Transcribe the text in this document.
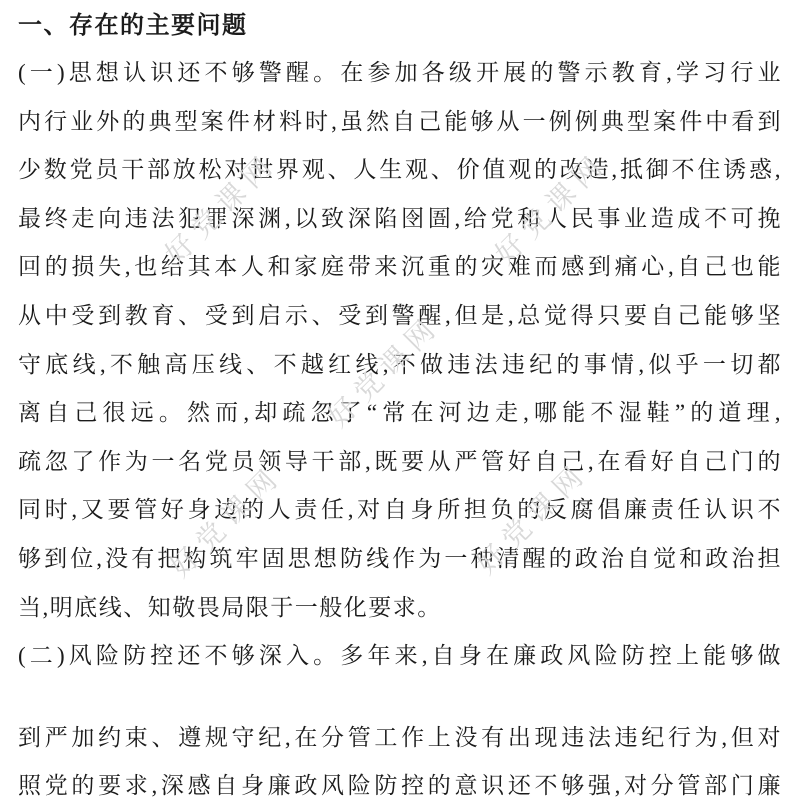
好党课网	好党课网
好党课网
好党课网	好党课网
一、存在的主要问题
(一)思想认识还不够警醒。在参加各级开展的警示教育,学习行业
内行业外的典型案件材料时,虽然自己能够从一例例典型案件中看到
少数党员干部放松对世界观、人生观、价值观的改造,抵御不住诱惑,
最终走向违法犯罪深渊,以致深陷囹圄,给党和人民事业造成不可挽
回的损失,也给其本人和家庭带来沉重的灾难而感到痛心,自己也能
从中受到教育、受到启示、受到警醒,但是,总觉得只要自己能够坚
守底线,不触高压线、不越红线,不做违法违纪的事情,似乎一切都
离自己很远。然而,却疏忽了“常在河边走,哪能不湿鞋”的道理,
疏忽了作为一名党员领导干部,既要从严管好自己,在看好自己门的
同时,又要管好身边的人责任,对自身所担负的反腐倡廉责任认识不
够到位,没有把构筑牢固思想防线作为一种清醒的政治自觉和政治担
当,明底线、知敬畏局限于一般化要求。
(二)风险防控还不够深入。多年来,自身在廉政风险防控上能够做
到严加约束、遵规守纪,在分管工作上没有出现违法违纪行为,但对
照党的要求,深感自身廉政风险防控的意识还不够强,对分管部门廉
